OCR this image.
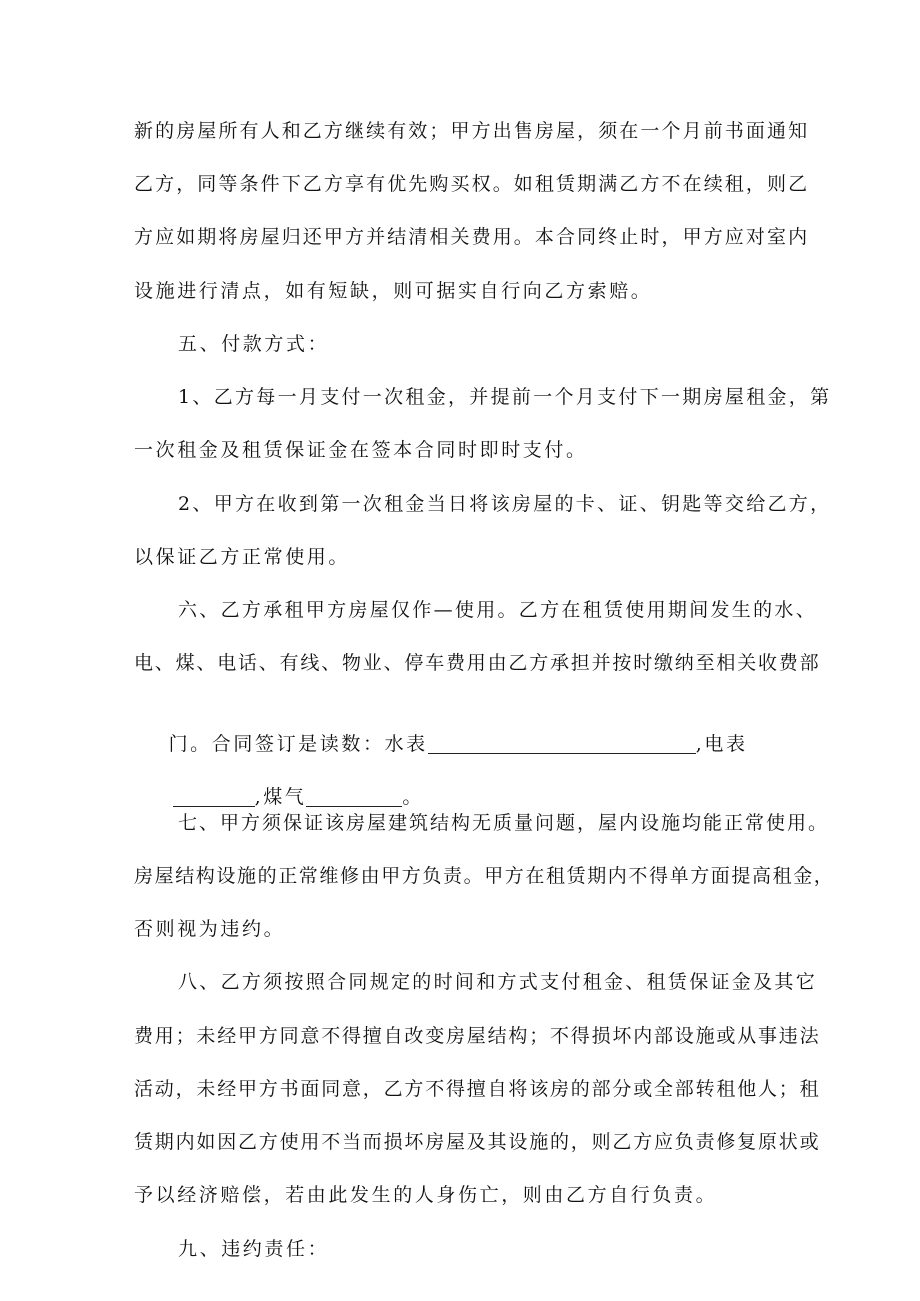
新的房屋所有人和乙方继续有效；甲方出售房屋，须在一个月前书面通知
乙方，同等条件下乙方享有优先购买权。如租赁期满乙方不在续租，则乙
方应如期将房屋归还甲方并结清相关费用。本合同终止时，甲方应对室内
设施进行清点，如有短缺，则可据实自行向乙方索赔。
五、付款方式：
1、乙方每一月支付一次租金，并提前一个月支付下一期房屋租金，第
一次租金及租赁保证金在签本合同时即时支付。
2、甲方在收到第一次租金当日将该房屋的卡、证、钥匙等交给乙方，
以保证乙方正常使用。
六、乙方承租甲方房屋仅作—使用。乙方在租赁使用期间发生的水、
电、煤、电话、有线、物业、停车费用由乙方承担并按时缴纳至相关收费部

门。合同签订是读数：水表	,电表

,煤气	。

七、甲方须保证该房屋建筑结构无质量问题，屋内设施均能正常使用。
房屋结构设施的正常维修由甲方负责。甲方在租赁期内不得单方面提高租金，
否则视为违约。
八、乙方须按照合同规定的时间和方式支付租金、租赁保证金及其它
费用；未经甲方同意不得擅自改变房屋结构；不得损坏内部设施或从事违法
活动，未经甲方书面同意，乙方不得擅自将该房的部分或全部转租他人；租
赁期内如因乙方使用不当而损坏房屋及其设施的，则乙方应负责修复原状或
予以经济赔偿，若由此发生的人身伤亡，则由乙方自行负责。
九、违约责任：
